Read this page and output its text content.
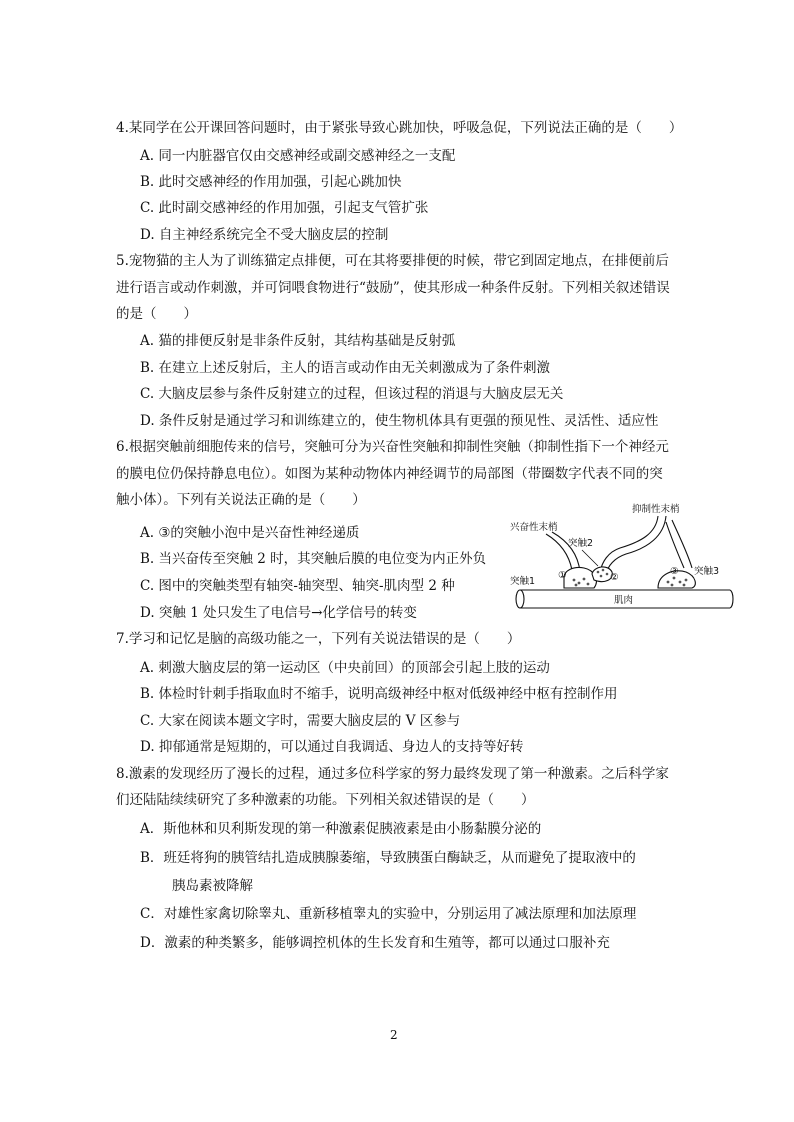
4.某同学在公开课回答问题时，由于紧张导致心跳加快，呼吸急促，下列说法正确的是（　　）
A. 同一内脏器官仅由交感神经或副交感神经之一支配
B. 此时交感神经的作用加强，引起心跳加快
C. 此时副交感神经的作用加强，引起支气管扩张
D. 自主神经系统完全不受大脑皮层的控制
5.宠物猫的主人为了训练猫定点排便，可在其将要排便的时候，带它到固定地点，在排便前后
进行语言或动作刺激，并可饲喂食物进行“鼓励”，使其形成一种条件反射。下列相关叙述错误
的是（　　）
A. 猫的排便反射是非条件反射，其结构基础是反射弧
B. 在建立上述反射后，主人的语言或动作由无关刺激成为了条件刺激
C. 大脑皮层参与条件反射建立的过程，但该过程的消退与大脑皮层无关
D. 条件反射是通过学习和训练建立的，使生物机体具有更强的预见性、灵活性、适应性
6.根据突触前细胞传来的信号，突触可分为兴奋性突触和抑制性突触（抑制性指下一个神经元
的膜电位仍保持静息电位）。如图为某种动物体内神经调节的局部图（带圈数字代表不同的突
触小体）。下列有关说法正确的是（　　）
A. ③的突触小泡中是兴奋性神经递质
B. 当兴奋传至突触 2 时，其突触后膜的电位变为内正外负
C. 图中的突触类型有轴突-轴突型、轴突-肌肉型 2 种
D. 突触 1 处只发生了电信号→化学信号的转变
兴奋性末梢
抑制性末梢
突触2
突触1
突触3
①	②
③
肌肉
7.学习和记忆是脑的高级功能之一，下列有关说法错误的是（　　）
A. 刺激大脑皮层的第一运动区（中央前回）的顶部会引起上肢的运动
B. 体检时针刺手指取血时不缩手，说明高级神经中枢对低级神经中枢有控制作用
C. 大家在阅读本题文字时，需要大脑皮层的 V 区参与
D. 抑郁通常是短期的，可以通过自我调适、身边人的支持等好转
8.激素的发现经历了漫长的过程，通过多位科学家的努力最终发现了第一种激素。之后科学家
们还陆陆续续研究了多种激素的功能。下列相关叙述错误的是（　　）
A．斯他林和贝利斯发现的第一种激素促胰液素是由小肠黏膜分泌的
B．班廷将狗的胰管结扎造成胰腺萎缩，导致胰蛋白酶缺乏，从而避免了提取液中的
胰岛素被降解
C．对雄性家禽切除睾丸、重新移植睾丸的实验中，分别运用了减法原理和加法原理
D．激素的种类繁多，能够调控机体的生长发育和生殖等，都可以通过口服补充
2
